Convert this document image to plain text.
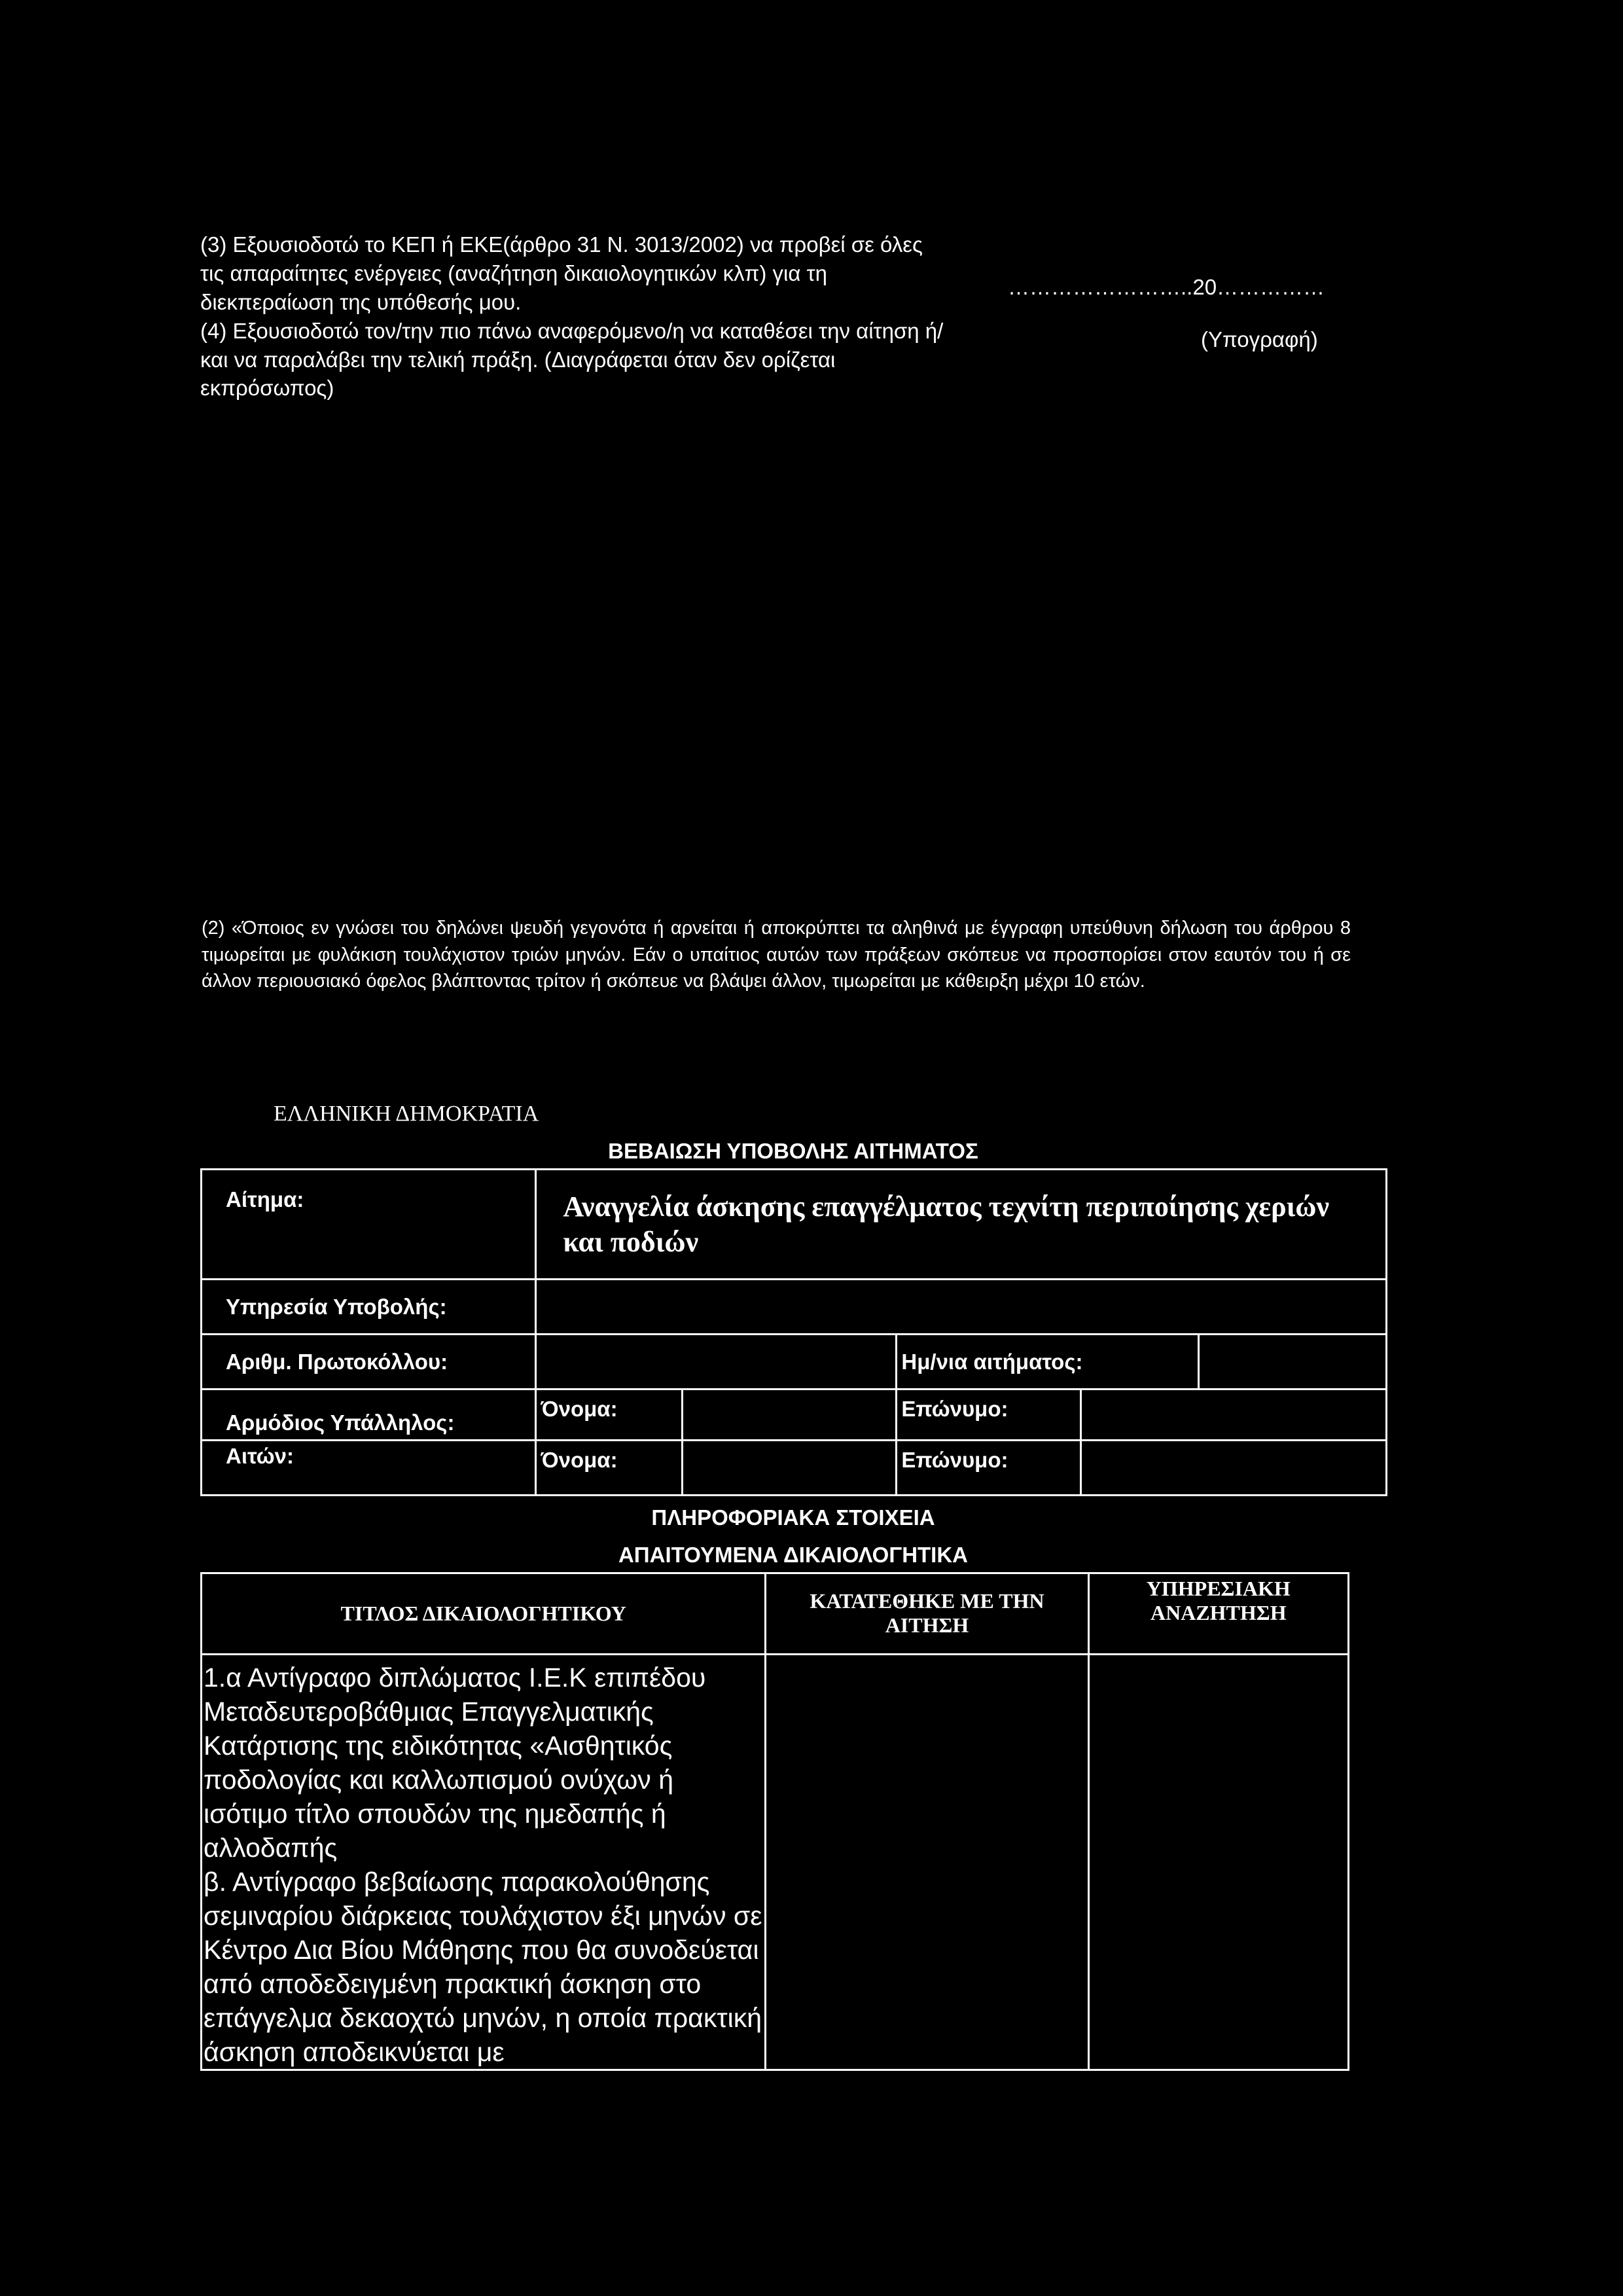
(3) Εξουσιοδοτώ το ΚΕΠ ή ΕΚΕ(άρθρο 31 Ν. 3013/2002) να προβεί σε όλες τις απαραίτητες ενέργειες (αναζήτηση δικαιολογητικών κλπ) για τη διεκπεραίωση της υπόθεσής μου.
(4) Εξουσιοδοτώ τον/την πιο πάνω αναφερόμενο/η να καταθέσει την αίτηση ή/και να παραλάβει την τελική πράξη. (Διαγράφεται όταν δεν ορίζεται εκπρόσωπος)
……………………..20……………
(Υπογραφή)
(2) «Όποιος εν γνώσει του δηλώνει ψευδή γεγονότα ή αρνείται ή αποκρύπτει τα αληθινά με έγγραφη υπεύθυνη δήλωση του άρθρου 8 τιμωρείται με φυλάκιση τουλάχιστον τριών μηνών. Εάν ο υπαίτιος αυτών των πράξεων σκόπευε να προσπορίσει στον εαυτόν του ή σε άλλον περιουσιακό όφελος βλάπτοντας τρίτον ή σκόπευε να βλάψει άλλον, τιμωρείται με κάθειρξη μέχρι 10 ετών.
ΕΛΛΗΝΙΚΗ ΔΗΜΟΚΡΑΤΙΑ
ΒΕΒΑΙΩΣΗ ΥΠΟΒΟΛΗΣ ΑΙΤΗΜΑΤΟΣ
Αίτημα:	Αναγγελία άσκησης επαγγέλματος τεχνίτη περιποίησης χεριών και ποδιών				
Υπηρεσία Υποβολής:					
Αριθμ. Πρωτοκόλλου:			Ημ/νια αιτήματος:		
Αρμόδιος Υπάλληλος:	Όνομα:		Επώνυμο:		
Αιτών:	Όνομα:		Επώνυμο:		
ΠΛΗΡΟΦΟΡΙΑΚΑ ΣΤΟΙΧΕΙΑ
ΑΠΑΙΤΟΥΜΕΝΑ ΔΙΚΑΙΟΛΟΓΗΤΙΚΑ
ΤΙΤΛΟΣ ΔΙΚΑΙΟΛΟΓΗΤΙΚΟΥ	ΚΑΤΑΤΕΘΗΚΕ ΜΕ ΤΗΝ ΑΙΤΗΣΗ	ΥΠΗΡΕΣΙΑΚΗ ΑΝΑΖΗΤΗΣΗ
1.α Αντίγραφο διπλώματος Ι.Ε.Κ επιπέδου Μεταδευτεροβάθμιας Επαγγελματικής Κατάρτισης της ειδικότητας «Αισθητικός ποδολογίας και καλλωπισμού ονύχων ή ισότιμο τίτλο σπουδών της ημεδαπής ή αλλοδαπής
β. Αντίγραφο βεβαίωσης παρακολούθησης σεμιναρίου διάρκειας τουλάχιστον έξι μηνών σε Κέντρο Δια Βίου Μάθησης που θα συνοδεύεται από αποδεδειγμένη πρακτική άσκηση στο επάγγελμα δεκαοχτώ μηνών, η οποία πρακτική άσκηση αποδεικνύεται με		
